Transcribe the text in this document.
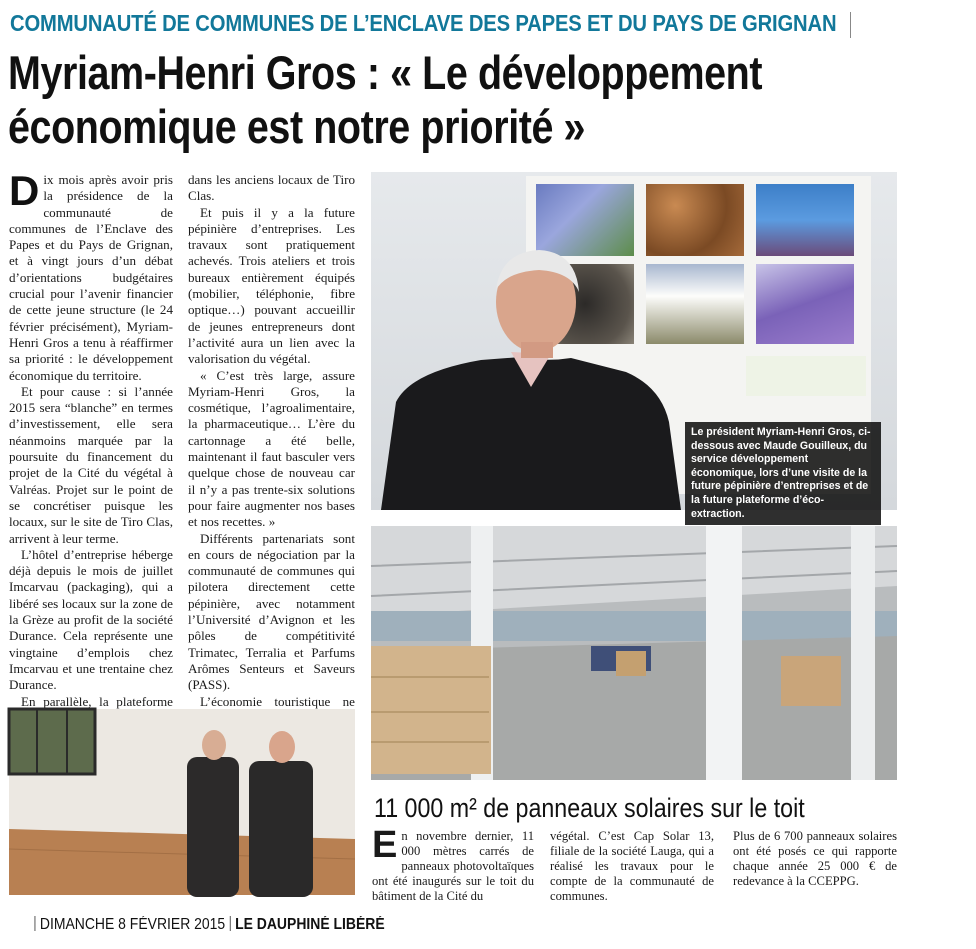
COMMUNAUTÉ DE COMMUNES DE L’ENCLAVE DES PAPES ET DU PAYS DE GRIGNAN
Myriam-Henri Gros : « Le développement
économique est notre priorité »

Dix mois après avoir pris la présidence de la communauté de communes de l’Enclave des Papes et du Pays de Grignan, et à vingt jours d’un débat d’orientations budgétaires crucial pour l’avenir financier de cette jeune structure (le 24 février précisément), Myriam-Henri Gros a tenu à réaffirmer sa priorité : le développement économique du territoire.

Et pour cause : si l’année 2015 sera “blanche” en termes d’investissement, elle sera néanmoins marquée par la poursuite du financement du projet de la Cité du végétal à Valréas. Projet sur le point de se concrétiser puisque les locaux, sur le site de Tiro Clas, arrivent à leur terme.

L’hôtel d’entreprise héberge déjà depuis le mois de juillet Imcarvau (packaging), qui a libéré ses locaux sur la zone de la Grèze au profit de la société Durance. Cela représente une vingtaine d’emplois chez Imcarvau et une trentaine chez Durance.

En parallèle, la plateforme

dans les anciens locaux de Tiro Clas.

Et puis il y a la future pépinière d’entreprises. Les travaux sont pratiquement achevés. Trois ateliers et trois bureaux entièrement équipés (mobilier, téléphonie, fibre optique…) pouvant accueillir de jeunes entrepreneurs dont l’activité aura un lien avec la valorisation du végétal.

« C’est très large, assure Myriam-Henri Gros, la cosmétique, l’agroalimentaire, la pharmaceutique… L’ère du cartonnage a été belle, maintenant il faut basculer vers quelque chose de nouveau car il n’y a pas trente-six solutions pour faire augmenter nos bases et nos recettes. »

Différents partenariats sont en cours de négociation par la communauté de communes qui pilotera directement cette pépinière, avec notamment l’Université d’Avignon et les pôles de compétitivité Trimatec, Terralia et Parfums Arômes Senteurs et Saveurs (PASS).

L’économie touristique ne

Le président Myriam-Henri Gros, ci-dessous avec Maude Gouilleux, du service développement économique, lors d’une visite de la future pépinière d’entreprises et de la future plateforme d’éco-extraction.
11 000 m² de panneaux solaires sur le toit
En novembre dernier, 11 000 mètres carrés de panneaux photovoltaïques ont été inaugurés sur le toit du bâtiment de la Cité du
végétal. C’est Cap Solar 13, filiale de la société Lauga, qui a réalisé les travaux pour le compte de la communauté de communes.
Plus de 6 700 panneaux solaires ont été posés ce qui rapporte chaque année 25 000 € de redevance à la CCEPPG.
DIMANCHE 8 FÉVRIER 2015 LE DAUPHINÉ LIBÉRÉ
